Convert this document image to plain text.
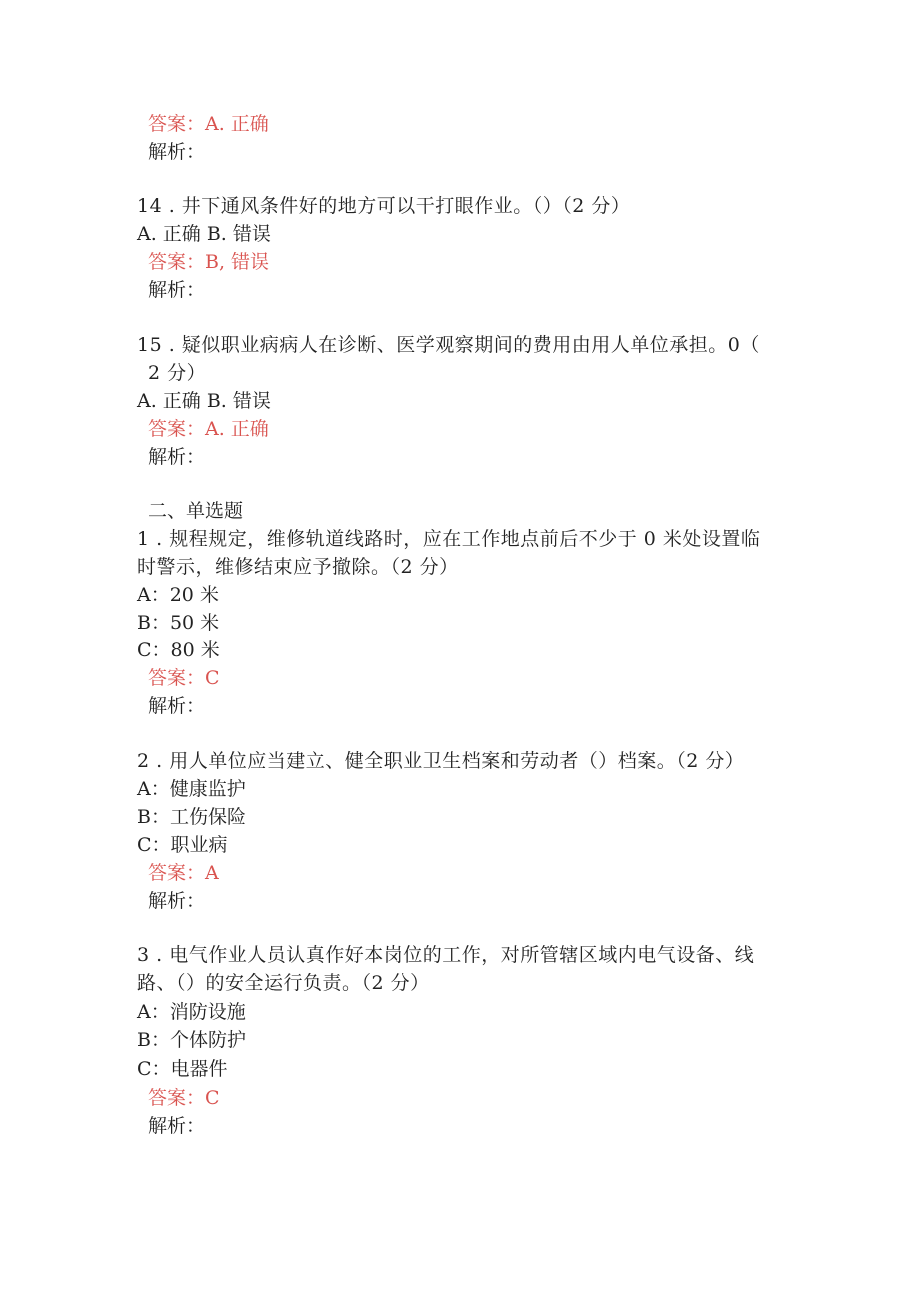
答案：A. 正确
解析：
14 . 井下通风条件好的地方可以干打眼作业。（）（2 分）
A. 正确 B. 错误
答案：B, 错误
解析：
15 . 疑似职业病病人在诊断、医学观察期间的费用由用人单位承担。0（
2 分）
A. 正确 B. 错误
答案：A. 正确
解析：
二、单选题
1 . 规程规定，维修轨道线路时，应在工作地点前后不少于 0 米处设置临
时警示，维修结束应予撤除。（2 分）
A：20 米
B：50 米
C：80 米
答案：C
解析：
2 . 用人单位应当建立、健全职业卫生档案和劳动者（）档案。（2 分）
A：健康监护
B：工伤保险
C：职业病
答案：A
解析：
3 . 电气作业人员认真作好本岗位的工作，对所管辖区域内电气设备、线
路、（）的安全运行负责。（2 分）
A：消防设施
B：个体防护
C：电器件
答案：C
解析：
